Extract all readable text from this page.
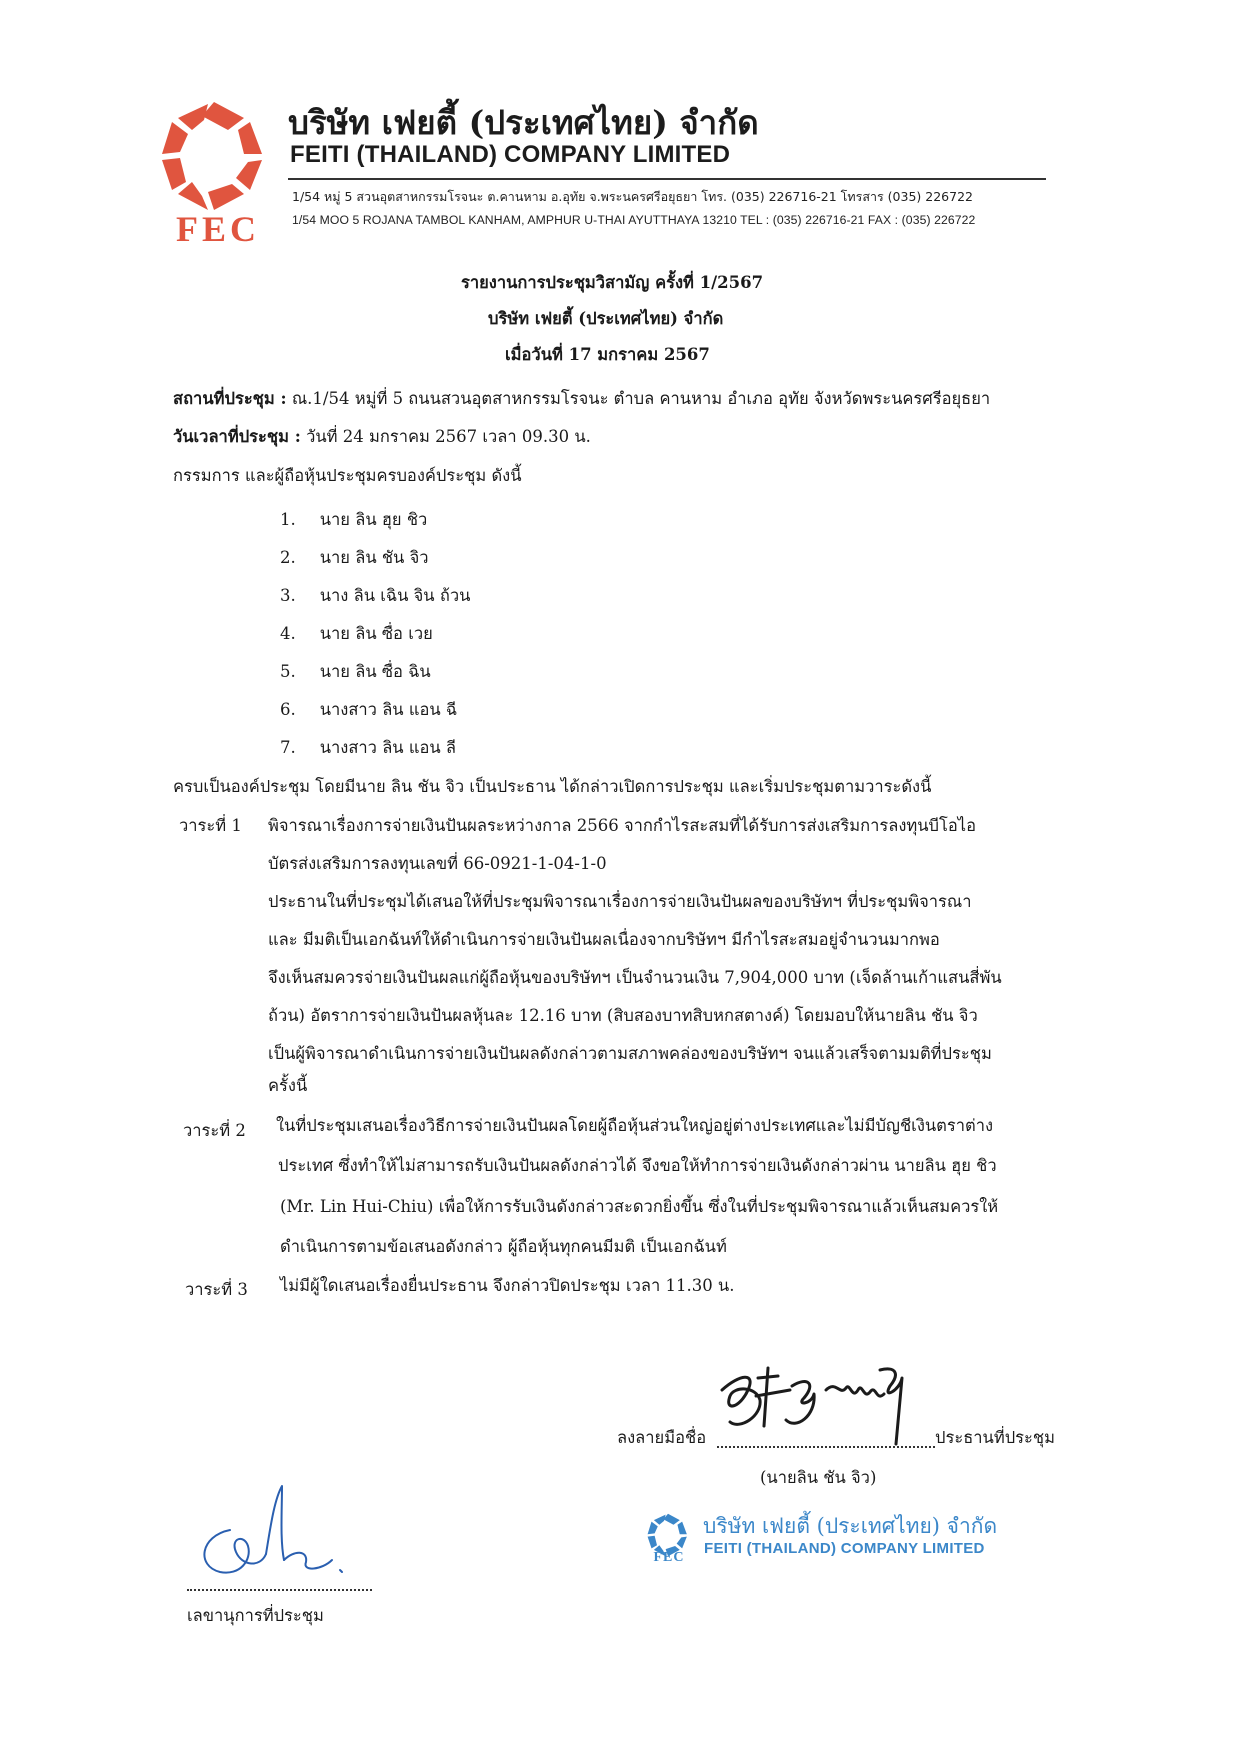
FEC
บริษัท เฟยตี้ (ประเทศไทย) จำกัด
FEITI (THAILAND) COMPANY LIMITED
1/54 หมู่ 5 สวนอุตสาหกรรมโรจนะ ต.คานหาม อ.อุทัย จ.พระนครศรีอยุธยา โทร. (035) 226716-21 โทรสาร (035) 226722
1/54 MOO 5 ROJANA TAMBOL KANHAM, AMPHUR U-THAI AYUTTHAYA 13210 TEL : (035) 226716-21 FAX : (035) 226722
รายงานการประชุมวิสามัญ ครั้งที่ 1/2567
บริษัท เฟยตี้ (ประเทศไทย) จำกัด
เมื่อวันที่ 17 มกราคม 2567
สถานที่ประชุม : ณ.1/54 หมู่ที่ 5 ถนนสวนอุตสาหกรรมโรจนะ ตำบล คานหาม อำเภอ อุทัย จังหวัดพระนครศรีอยุธยา
วันเวลาที่ประชุม : วันที่ 24 มกราคม 2567 เวลา 09.30 น.
กรรมการ และผู้ถือหุ้นประชุมครบองค์ประชุม ดังนี้
1. นาย ลิน ฮุย ชิว
2. นาย ลิน ชัน จิว
3. นาง ลิน เฉิน จิน ถ้วน
4. นาย ลิน ซื่อ เวย
5. นาย ลิน ซื่อ ฉิน
6. นางสาว ลิน แอน ฉี
7. นางสาว ลิน แอน ลี
ครบเป็นองค์ประชุม โดยมีนาย ลิน ชัน จิว เป็นประธาน ได้กล่าวเปิดการประชุม และเริ่มประชุมตามวาระดังนี้
วาระที่ 1 พิจารณาเรื่องการจ่ายเงินปันผลระหว่างกาล 2566 จากกำไรสะสมที่ได้รับการส่งเสริมการลงทุนบีโอไอ
บัตรส่งเสริมการลงทุนเลขที่ 66-0921-1-04-1-0
ประธานในที่ประชุมได้เสนอให้ที่ประชุมพิจารณาเรื่องการจ่ายเงินปันผลของบริษัทฯ ที่ประชุมพิจารณา
และ มีมติเป็นเอกฉันท์ให้ดำเนินการจ่ายเงินปันผลเนื่องจากบริษัทฯ มีกำไรสะสมอยู่จำนวนมากพอ
จึงเห็นสมควรจ่ายเงินปันผลแก่ผู้ถือหุ้นของบริษัทฯ เป็นจำนวนเงิน 7,904,000 บาท (เจ็ดล้านเก้าแสนสี่พัน
ถ้วน) อัตราการจ่ายเงินปันผลหุ้นละ 12.16 บาท (สิบสองบาทสิบหกสตางค์) โดยมอบให้นายลิน ชัน จิว
เป็นผู้พิจารณาดำเนินการจ่ายเงินปันผลดังกล่าวตามสภาพคล่องของบริษัทฯ จนแล้วเสร็จตามมติที่ประชุม
ครั้งนี้
วาระที่ 2 ในที่ประชุมเสนอเรื่องวิธีการจ่ายเงินปันผลโดยผู้ถือหุ้นส่วนใหญ่อยู่ต่างประเทศและไม่มีบัญชีเงินตราต่าง
ประเทศ ซึ่งทำให้ไม่สามารถรับเงินปันผลดังกล่าวได้ จึงขอให้ทำการจ่ายเงินดังกล่าวผ่าน นายลิน ฮุย ชิว
(Mr. Lin Hui-Chiu) เพื่อให้การรับเงินดังกล่าวสะดวกยิ่งขึ้น ซึ่งในที่ประชุมพิจารณาแล้วเห็นสมควรให้
ดำเนินการตามข้อเสนอดังกล่าว ผู้ถือหุ้นทุกคนมีมติ เป็นเอกฉันท์
วาระที่ 3 ไม่มีผู้ใดเสนอเรื่องยื่นประธาน จึงกล่าวปิดประชุม เวลา 11.30 น.
ลงลายมือชื่อ	ประธานที่ประชุม
(นายลิน ชัน จิว)
เลขานุการที่ประชุม
FEC
บริษัท เฟยตี้ (ประเทศไทย) จำกัด
FEITI (THAILAND) COMPANY LIMITED
